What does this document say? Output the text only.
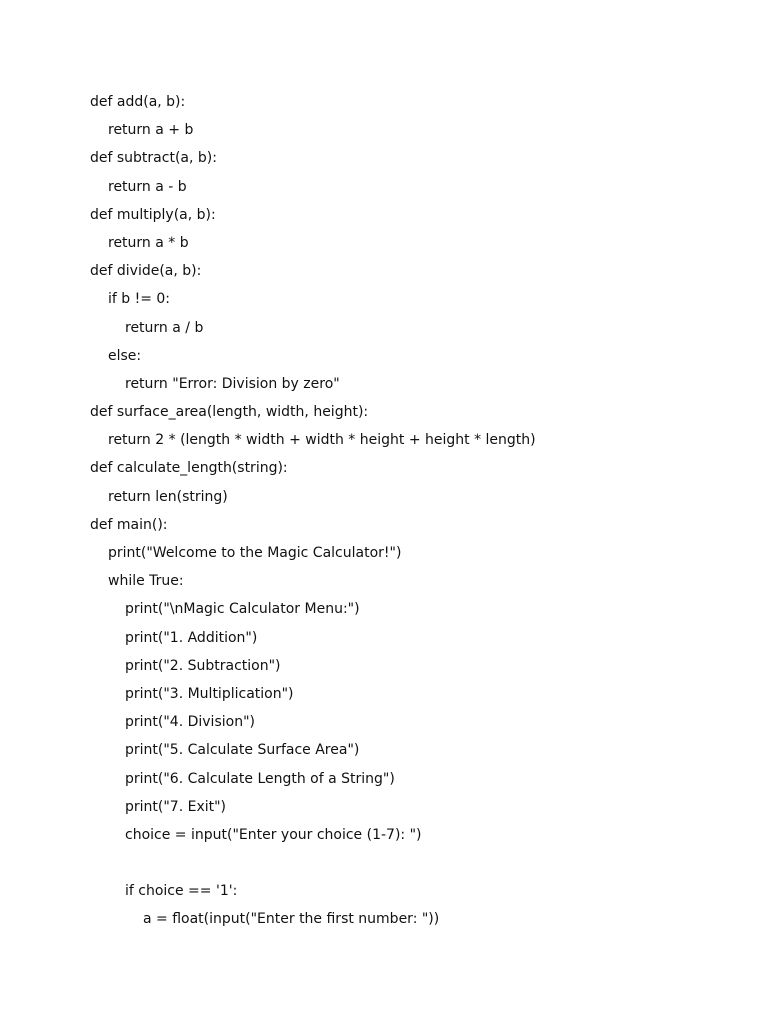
def add(a, b):
return a + b
def subtract(a, b):
return a - b
def multiply(a, b):
return a * b
def divide(a, b):
if b != 0:
return a / b
else:
return "Error: Division by zero"
def surface_area(length, width, height):
return 2 * (length * width + width * height + height * length)
def calculate_length(string):
return len(string)
def main():
print("Welcome to the Magic Calculator!")
while True:
print("\nMagic Calculator Menu:")
print("1. Addition")
print("2. Subtraction")
print("3. Multiplication")
print("4. Division")
print("5. Calculate Surface Area")
print("6. Calculate Length of a String")
print("7. Exit")
choice = input("Enter your choice (1-7): ")
if choice == '1':
a = float(input("Enter the first number: "))
